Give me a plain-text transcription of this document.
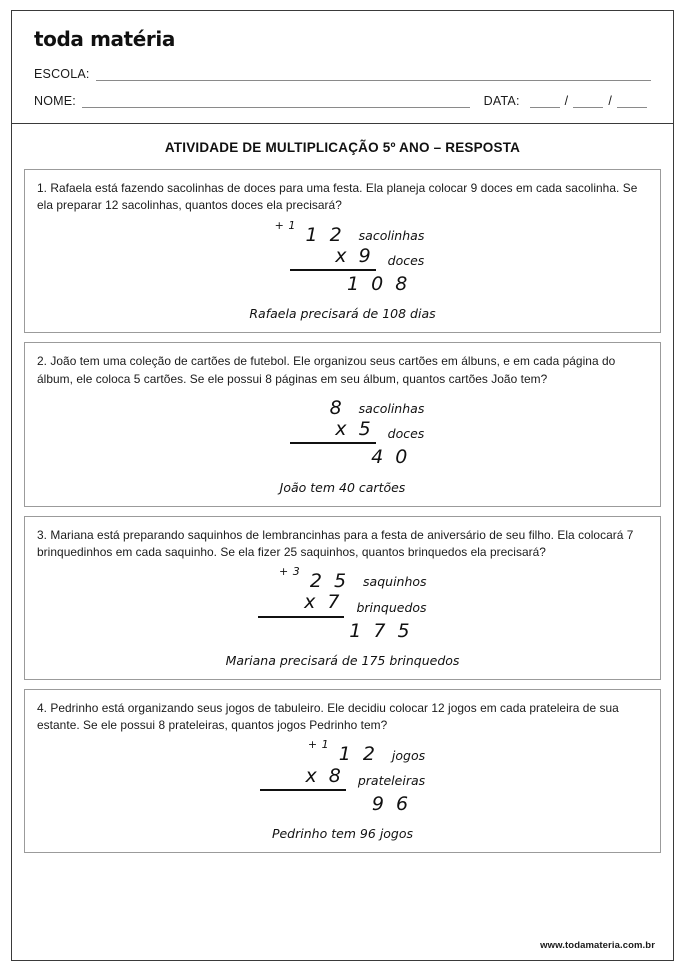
toda matéria
ESCOLA:
NOME:	DATA:	/	/
ATIVIDADE DE MULTIPLICAÇÃO 5º ANO – RESPOSTA
1. Rafaela está fazendo sacolinhas de doces para uma festa. Ela planeja colocar 9 doces em cada sacolinha. Se ela preparar 12 sacolinhas, quantos doces ela precisará?
+ 1 1 2	sacolinhas
x 9	doces
1 0 8
Rafaela precisará de 108 dias
2. João tem uma coleção de cartões de futebol. Ele organizou seus cartões em álbuns, e em cada página do álbum, ele coloca 5 cartões. Se ele possui 8 páginas em seu álbum, quantos cartões João tem?
8	sacolinhas
x 5	doces
4 0
João tem 40 cartões
3. Mariana está preparando saquinhos de lembrancinhas para a festa de aniversário de seu filho. Ela colocará 7 brinquedinhos em cada saquinho. Se ela fizer 25 saquinhos, quantos brinquedos ela precisará?
+ 3 2 5	saquinhos
x 7	brinquedos
1 7 5
Mariana precisará de 175 brinquedos
4. Pedrinho está organizando seus jogos de tabuleiro. Ele decidiu colocar 12 jogos em cada prateleira de sua estante. Se ele possui 8 prateleiras, quantos jogos Pedrinho tem?
+ 1 1 2	jogos
x 8	prateleiras
9 6
Pedrinho tem 96 jogos
www.todamateria.com.br
